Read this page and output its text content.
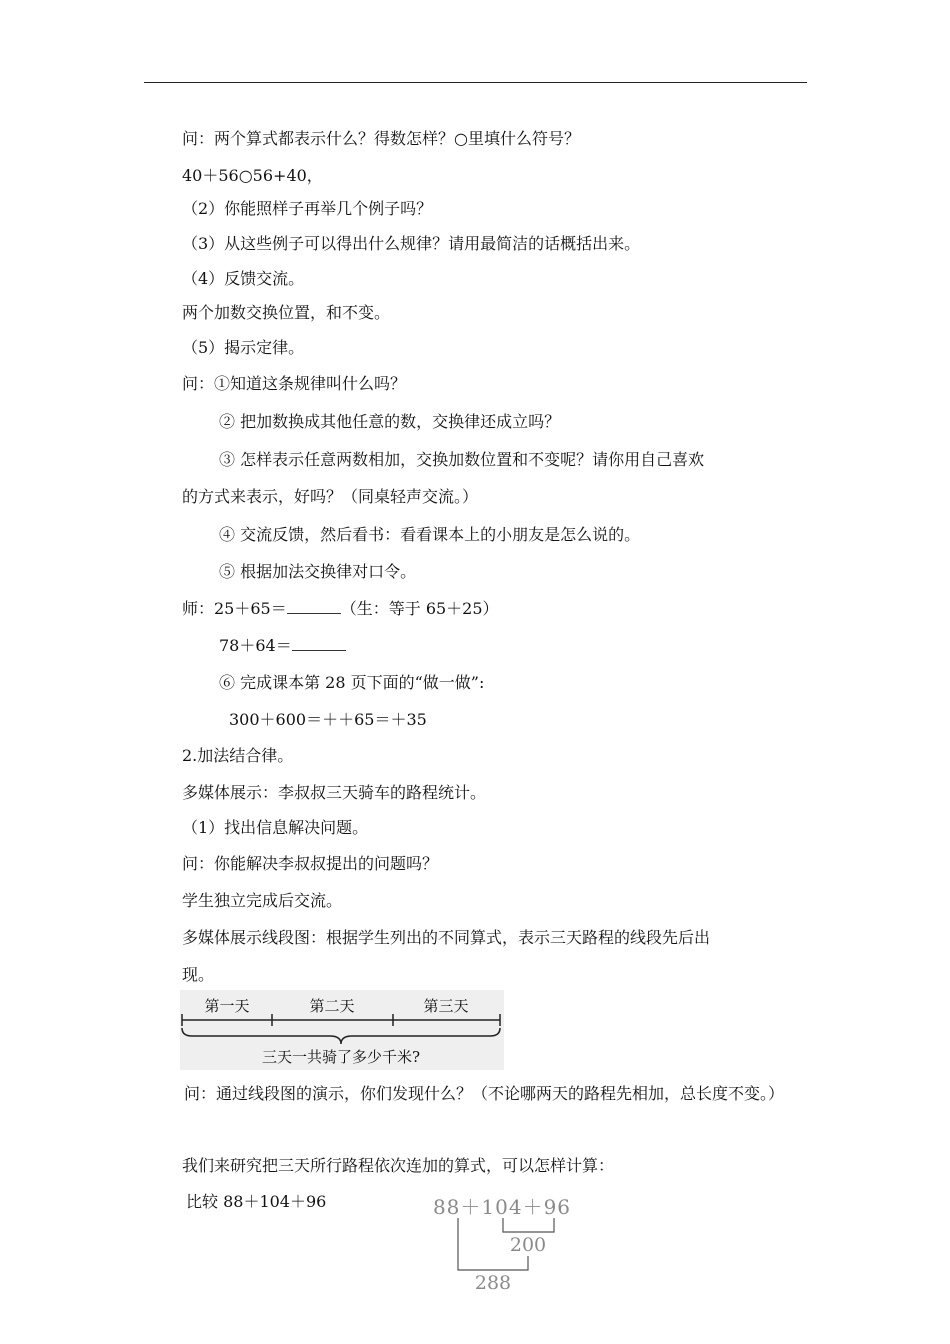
问：两个算式都表示什么？得数怎样？○里填什么符号？
40＋56○56+40，
（2）你能照样子再举几个例子吗？
（3）从这些例子可以得出什么规律？请用最简洁的话概括出来。
（4）反馈交流。
两个加数交换位置，和不变。
（5）揭示定律。
问：①知道这条规律叫什么吗？
② 把加数换成其他任意的数，交换律还成立吗？
③ 怎样表示任意两数相加，交换加数位置和不变呢？请你用自己喜欢
的方式来表示，好吗？（同桌轻声交流。）
④ 交流反馈，然后看书：看看课本上的小朋友是怎么说的。
⑤ 根据加法交换律对口令。
师：25＋65＝	（生：等于 65＋25）
78＋64＝
⑥ 完成课本第 28 页下面的“做一做”:
300＋600＝＋＋65＝＋35
2.加法结合律。
多媒体展示：李叔叔三天骑车的路程统计。
（1）找出信息解决问题。
问：你能解决李叔叔提出的问题吗？
学生独立完成后交流。
多媒体展示线段图：根据学生列出的不同算式，表示三天路程的线段先后出
现。
第一天	第二天	第三天
三天一共骑了多少千米?
问：通过线段图的演示，你们发现什么？（不论哪两天的路程先相加，总长度不变。）
我们来研究把三天所行路程依次连加的算式，可以怎样计算：
比较 88＋104＋96	88＋104＋96
200
288
